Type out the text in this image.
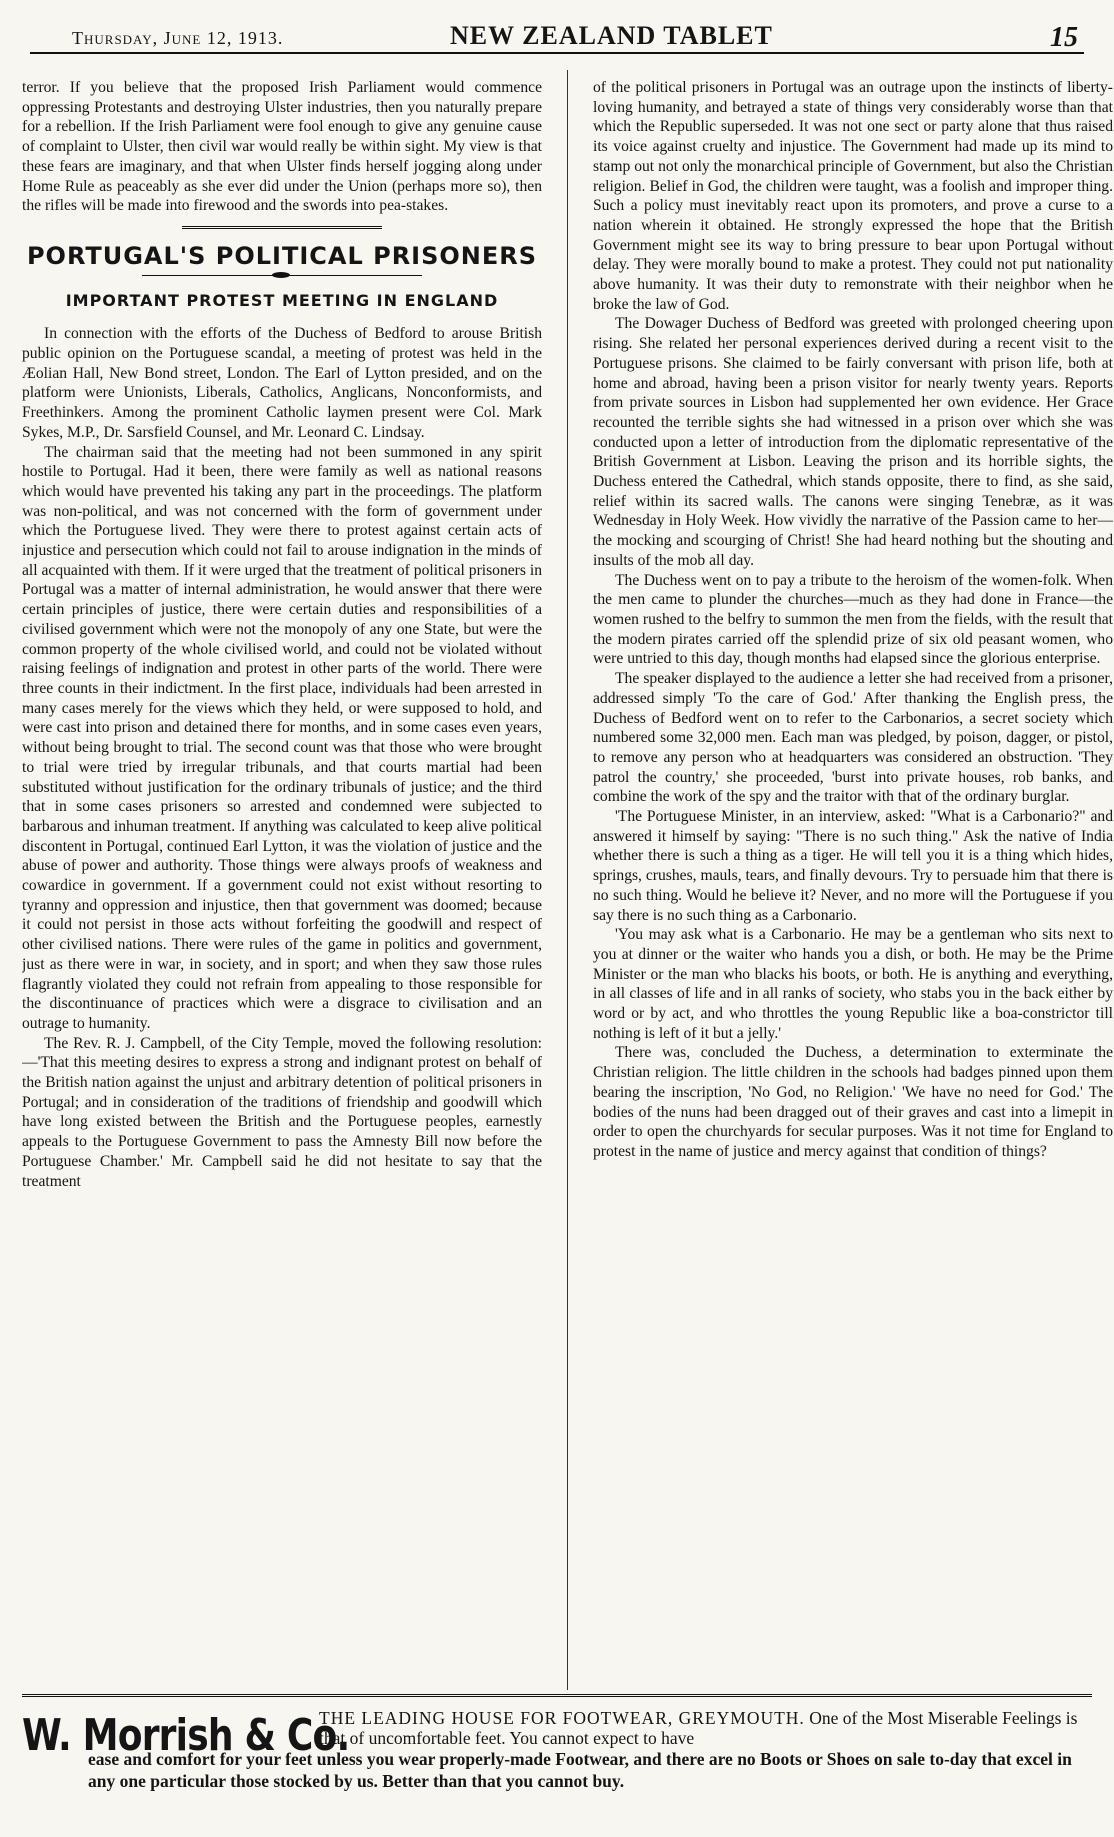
Thursday, June 12, 1913.	NEW ZEALAND TABLET	15

terror. If you believe that the proposed Irish Parliament would commence oppressing Protestants and destroying Ulster industries, then you naturally prepare for a rebellion. If the Irish Parliament were fool enough to give any genuine cause of complaint to Ulster, then civil war would really be within sight. My view is that these fears are imaginary, and that when Ulster finds herself jogging along under Home Rule as peaceably as she ever did under the Union (perhaps more so), then the rifles will be made into firewood and the swords into pea-stakes.

PORTUGAL'S POLITICAL PRISONERS
IMPORTANT PROTEST MEETING IN ENGLAND

In connection with the efforts of the Duchess of Bedford to arouse British public opinion on the Portuguese scandal, a meeting of protest was held in the Æolian Hall, New Bond street, London. The Earl of Lytton presided, and on the platform were Unionists, Liberals, Catholics, Anglicans, Nonconformists, and Freethinkers. Among the prominent Catholic laymen present were Col. Mark Sykes, M.P., Dr. Sarsfield Counsel, and Mr. Leonard C. Lindsay.

The chairman said that the meeting had not been summoned in any spirit hostile to Portugal. Had it been, there were family as well as national reasons which would have prevented his taking any part in the proceedings. The platform was non-political, and was not concerned with the form of government under which the Portuguese lived. They were there to protest against certain acts of injustice and persecution which could not fail to arouse indignation in the minds of all acquainted with them. If it were urged that the treatment of political prisoners in Portugal was a matter of internal administration, he would answer that there were certain principles of justice, there were certain duties and responsibilities of a civilised government which were not the monopoly of any one State, but were the common property of the whole civilised world, and could not be violated without raising feelings of indignation and protest in other parts of the world. There were three counts in their indictment. In the first place, individuals had been arrested in many cases merely for the views which they held, or were supposed to hold, and were cast into prison and detained there for months, and in some cases even years, without being brought to trial. The second count was that those who were brought to trial were tried by irregular tribunals, and that courts martial had been substituted without justification for the ordinary tribunals of justice; and the third that in some cases prisoners so arrested and condemned were subjected to barbarous and inhuman treatment. If anything was calculated to keep alive political discontent in Portugal, continued Earl Lytton, it was the violation of justice and the abuse of power and authority. Those things were always proofs of weakness and cowardice in government. If a government could not exist without resorting to tyranny and oppression and injustice, then that government was doomed; because it could not persist in those acts without forfeiting the goodwill and respect of other civilised nations. There were rules of the game in politics and government, just as there were in war, in society, and in sport; and when they saw those rules flagrantly violated they could not refrain from appealing to those responsible for the discontinuance of practices which were a disgrace to civilisation and an outrage to humanity.

The Rev. R. J. Campbell, of the City Temple, moved the following resolution:—'That this meeting desires to express a strong and indignant protest on behalf of the British nation against the unjust and arbitrary detention of political prisoners in Portugal; and in consideration of the traditions of friendship and goodwill which have long existed between the British and the Portuguese peoples, earnestly appeals to the Portuguese Government to pass the Amnesty Bill now before the Portuguese Chamber.' Mr. Campbell said he did not hesitate to say that the treatment

of the political prisoners in Portugal was an outrage upon the instincts of liberty-loving humanity, and betrayed a state of things very considerably worse than that which the Republic superseded. It was not one sect or party alone that thus raised its voice against cruelty and injustice. The Government had made up its mind to stamp out not only the monarchical principle of Government, but also the Christian religion. Belief in God, the children were taught, was a foolish and improper thing. Such a policy must inevitably react upon its promoters, and prove a curse to a nation wherein it obtained. He strongly expressed the hope that the British Government might see its way to bring pressure to bear upon Portugal without delay. They were morally bound to make a protest. They could not put nationality above humanity. It was their duty to remonstrate with their neighbor when he broke the law of God.

The Dowager Duchess of Bedford was greeted with prolonged cheering upon rising. She related her personal experiences derived during a recent visit to the Portuguese prisons. She claimed to be fairly conversant with prison life, both at home and abroad, having been a prison visitor for nearly twenty years. Reports from private sources in Lisbon had supplemented her own evidence. Her Grace recounted the terrible sights she had witnessed in a prison over which she was conducted upon a letter of introduction from the diplomatic representative of the British Government at Lisbon. Leaving the prison and its horrible sights, the Duchess entered the Cathedral, which stands opposite, there to find, as she said, relief within its sacred walls. The canons were singing Tenebræ, as it was Wednesday in Holy Week. How vividly the narrative of the Passion came to her—the mocking and scourging of Christ! She had heard nothing but the shouting and insults of the mob all day.

The Duchess went on to pay a tribute to the heroism of the women-folk. When the men came to plunder the churches—much as they had done in France—the women rushed to the belfry to summon the men from the fields, with the result that the modern pirates carried off the splendid prize of six old peasant women, who were untried to this day, though months had elapsed since the glorious enterprise.

The speaker displayed to the audience a letter she had received from a prisoner, addressed simply 'To the care of God.' After thanking the English press, the Duchess of Bedford went on to refer to the Carbonarios, a secret society which numbered some 32,000 men. Each man was pledged, by poison, dagger, or pistol, to remove any person who at headquarters was considered an obstruction. 'They patrol the country,' she proceeded, 'burst into private houses, rob banks, and combine the work of the spy and the traitor with that of the ordinary burglar.

'The Portuguese Minister, in an interview, asked: "What is a Carbonario?" and answered it himself by saying: "There is no such thing." Ask the native of India whether there is such a thing as a tiger. He will tell you it is a thing which hides, springs, crushes, mauls, tears, and finally devours. Try to persuade him that there is no such thing. Would he believe it? Never, and no more will the Portuguese if you say there is no such thing as a Carbonario.

'You may ask what is a Carbonario. He may be a gentleman who sits next to you at dinner or the waiter who hands you a dish, or both. He may be the Prime Minister or the man who blacks his boots, or both. He is anything and everything, in all classes of life and in all ranks of society, who stabs you in the back either by word or by act, and who throttles the young Republic like a boa-constrictor till nothing is left of it but a jelly.'

There was, concluded the Duchess, a determination to exterminate the Christian religion. The little children in the schools had badges pinned upon them bearing the inscription, 'No God, no Religion.' 'We have no need for God.' The bodies of the nuns had been dragged out of their graves and cast into a limepit in order to open the churchyards for secular purposes. Was it not time for England to protest in the name of justice and mercy against that condition of things?

W. Morrish & Co.
THE LEADING HOUSE FOR FOOTWEAR, GREYMOUTH. One of the Most Miserable Feelings is that of uncomfortable feet. You cannot expect to have
ease and comfort for your feet unless you wear properly-made Footwear, and there are no Boots or Shoes on sale to-day that excel in any one particular those stocked by us. Better than that you cannot buy.
